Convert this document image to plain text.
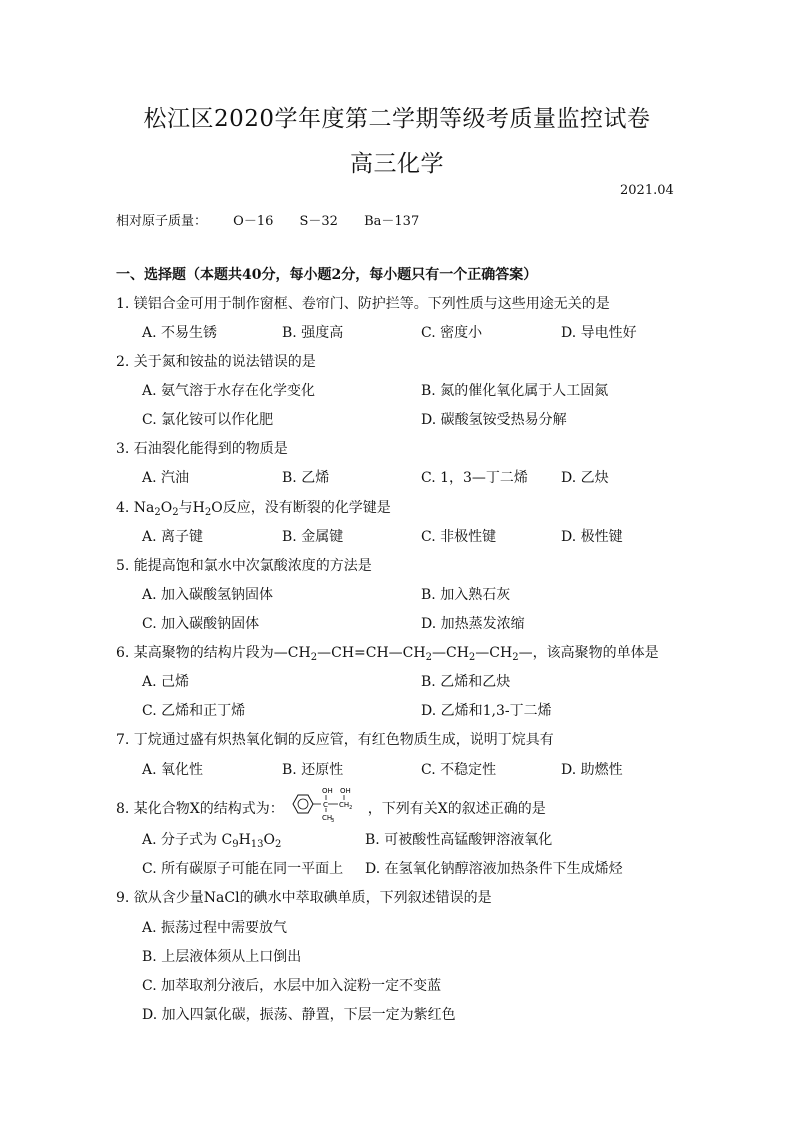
松江区2020学年度第二学期等级考质量监控试卷
高三化学
2021.04
相对原子质量： O－16 S－32 Ba－137
一、选择题（本题共40分，每小题2分，每小题只有一个正确答案）
1. 镁铝合金可用于制作窗框、卷帘门、防护拦等。下列性质与这些用途无关的是
A. 不易生锈	B. 强度高	C. 密度小	D. 导电性好
2. 关于氮和铵盐的说法错误的是
A. 氨气溶于水存在化学变化	B. 氮的催化氧化属于人工固氮
C. 氯化铵可以作化肥	D. 碳酸氢铵受热易分解
3. 石油裂化能得到的物质是
A. 汽油	B. 乙烯	C. 1，3—丁二烯 D. 乙炔
4. $Na_2O_2$与$H_2O$反应，没有断裂的化学键是
A. 离子键	B. 金属键	C. 非极性键	D. 极性键
5. 能提高饱和氯水中次氯酸浓度的方法是
A. 加入碳酸氢钠固体	B. 加入熟石灰
C. 加入碳酸钠固体	D. 加热蒸发浓缩
6. 某高聚物的结构片段为$—CH_2—CH=CH—CH_2—CH_2—CH_2—$，该高聚物的单体是
A. 己烯	B. 乙烯和乙炔
C. 乙烯和正丁烯	D. 乙烯和1,3-丁二烯
7. 丁烷通过盛有炽热氧化铜的反应管，有红色物质生成，说明丁烷具有
A. 氧化性	B. 还原性	C. 不稳定性	D. 助燃性
8. 某化合物X的结构式为：
OH OH
C $CH_2$
CH
3
，下列有关X的叙述正确的是
A. 分子式为 $C_9H_{13}O_2$	B. 可被酸性高锰酸钾溶液氧化
C. 所有碳原子可能在同一平面上 D. 在氢氧化钠醇溶液加热条件下生成烯烃
9. 欲从含少量NaCl的碘水中萃取碘单质，下列叙述错误的是
A. 振荡过程中需要放气
B. 上层液体须从上口倒出
C. 加萃取剂分液后，水层中加入淀粉一定不变蓝
D. 加入四氯化碳，振荡、静置，下层一定为紫红色
